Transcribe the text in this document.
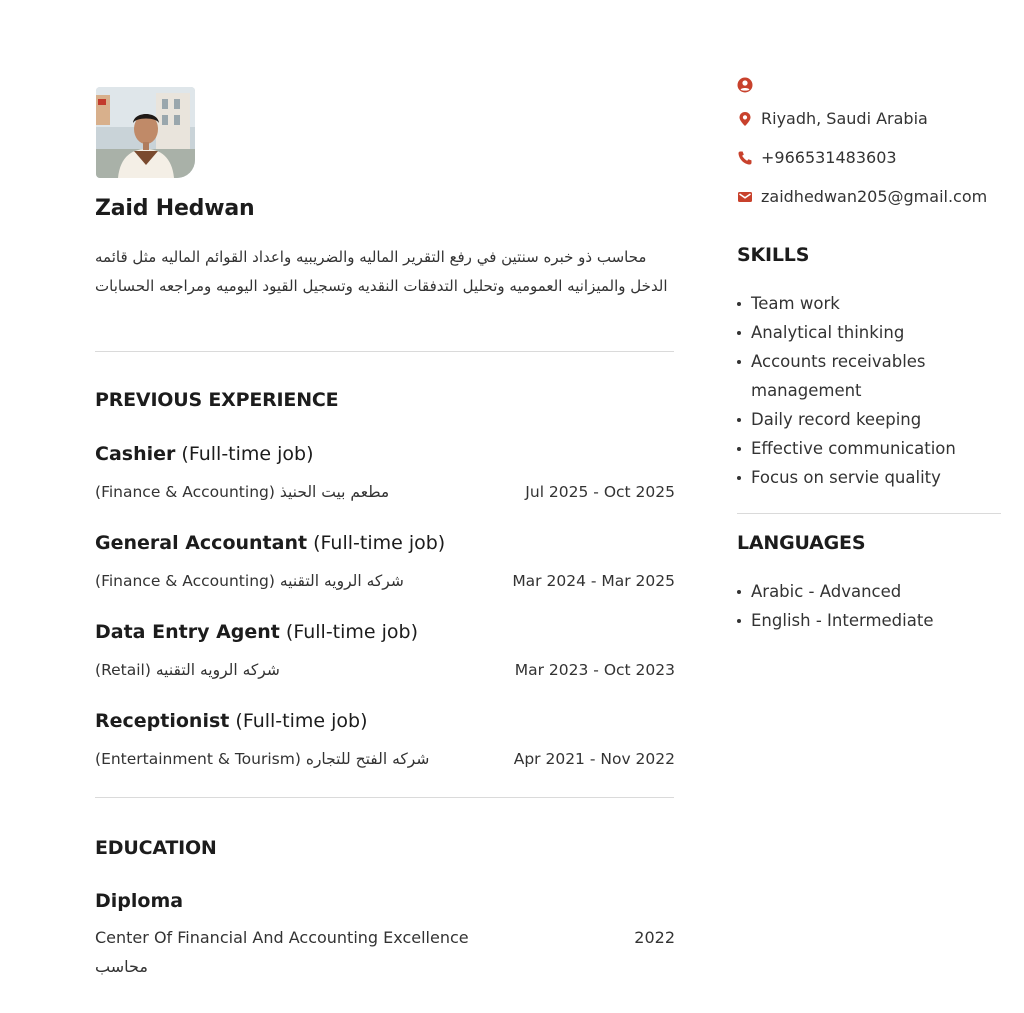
Zaid Hedwan
محاسب ذو خبره سنتين في رفع التقرير الماليه والضريبيه واعداد القوائم الماليه مثل قائمه الدخل والميزانيه العموميه وتحليل التدفقات النقديه وتسجيل القيود اليوميه ومراجعه الحسابات
PREVIOUS EXPERIENCE
Cashier (Full-time job)
مطعم بيت الحنيذ (Finance & Accounting)	Jul 2025 - Oct 2025
General Accountant (Full-time job)
شركه الرويه التقنيه (Finance & Accounting)	Mar 2024 - Mar 2025
Data Entry Agent (Full-time job)
شركه الرويه التقنيه (Retail)	Mar 2023 - Oct 2023
Receptionist (Full-time job)
شركه الفتح للتجاره (Entertainment & Tourism)	Apr 2021 - Nov 2022
EDUCATION
Diploma
Center Of Financial And Accounting Excellence	2022
محاسب
Riyadh, Saudi Arabia
+966531483603
zaidhedwan205@gmail.com
SKILLS
Team work
Analytical thinking
Accounts receivables management
Daily record keeping
Effective communication
Focus on servie quality
LANGUAGES
Arabic - Advanced
English - Intermediate
